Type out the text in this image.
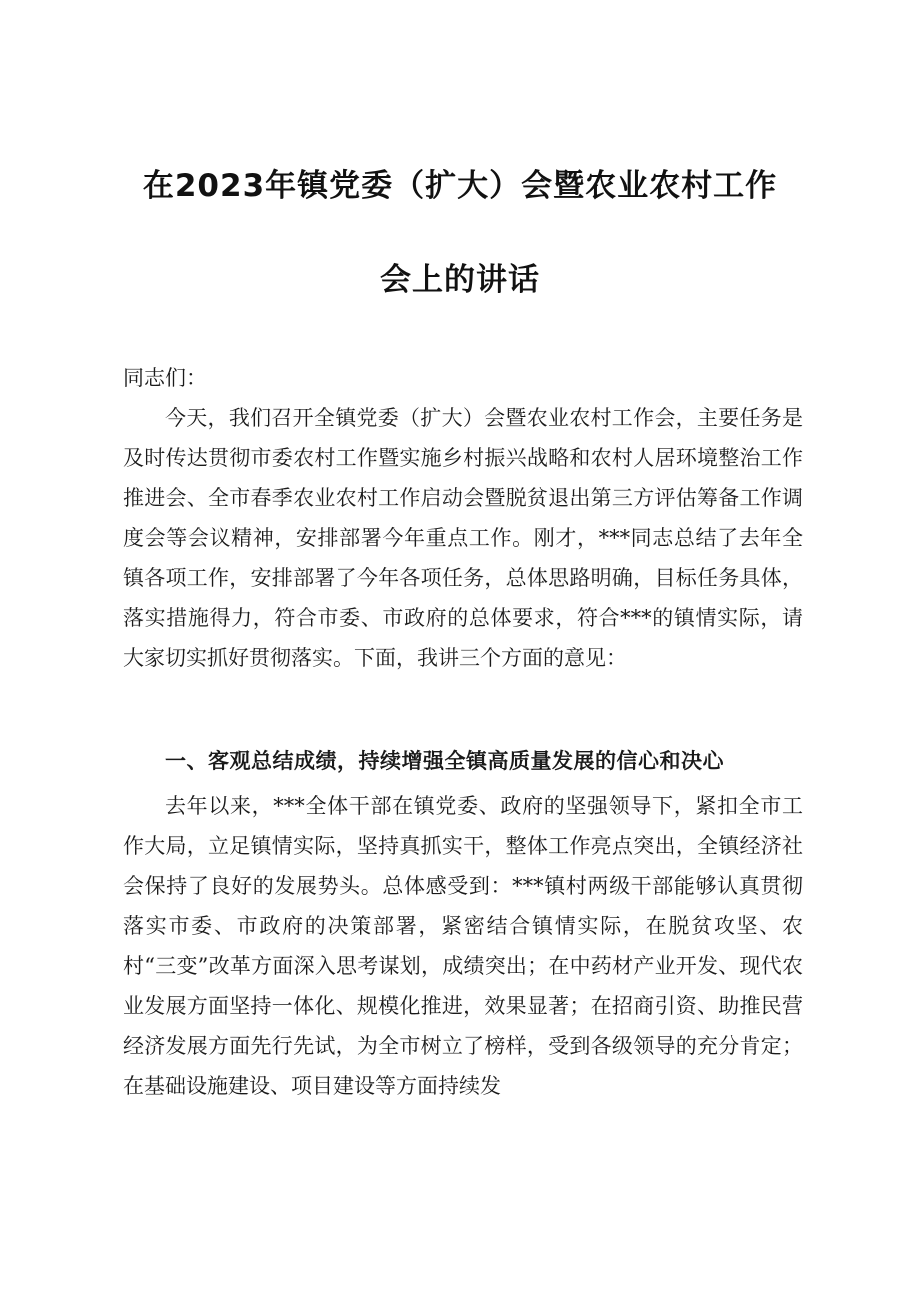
在2023年镇党委（扩大）会暨农业农村工作
会上的讲话
同志们：
今天，我们召开全镇党委（扩大）会暨农业农村工作会，主要任务是及时传达贯彻市委农村工作暨实施乡村振兴战略和农村人居环境整治工作推进会、全市春季农业农村工作启动会暨脱贫退出第三方评估筹备工作调度会等会议精神，安排部署今年重点工作。刚才，***同志总结了去年全镇各项工作，安排部署了今年各项任务，总体思路明确，目标任务具体，落实措施得力，符合市委、市政府的总体要求，符合***的镇情实际，请大家切实抓好贯彻落实。下面，我讲三个方面的意见：
一、客观总结成绩，持续增强全镇高质量发展的信心和决心
去年以来，***全体干部在镇党委、政府的坚强领导下，紧扣全市工作大局，立足镇情实际，坚持真抓实干，整体工作亮点突出，全镇经济社会保持了良好的发展势头。总体感受到：***镇村两级干部能够认真贯彻落实市委、市政府的决策部署，紧密结合镇情实际，在脱贫攻坚、农村“三变”改革方面深入思考谋划，成绩突出；在中药材产业开发、现代农业发展方面坚持一体化、规模化推进，效果显著；在招商引资、助推民营经济发展方面先行先试，为全市树立了榜样，受到各级领导的充分肯定；在基础设施建设、项目建设等方面持续发
